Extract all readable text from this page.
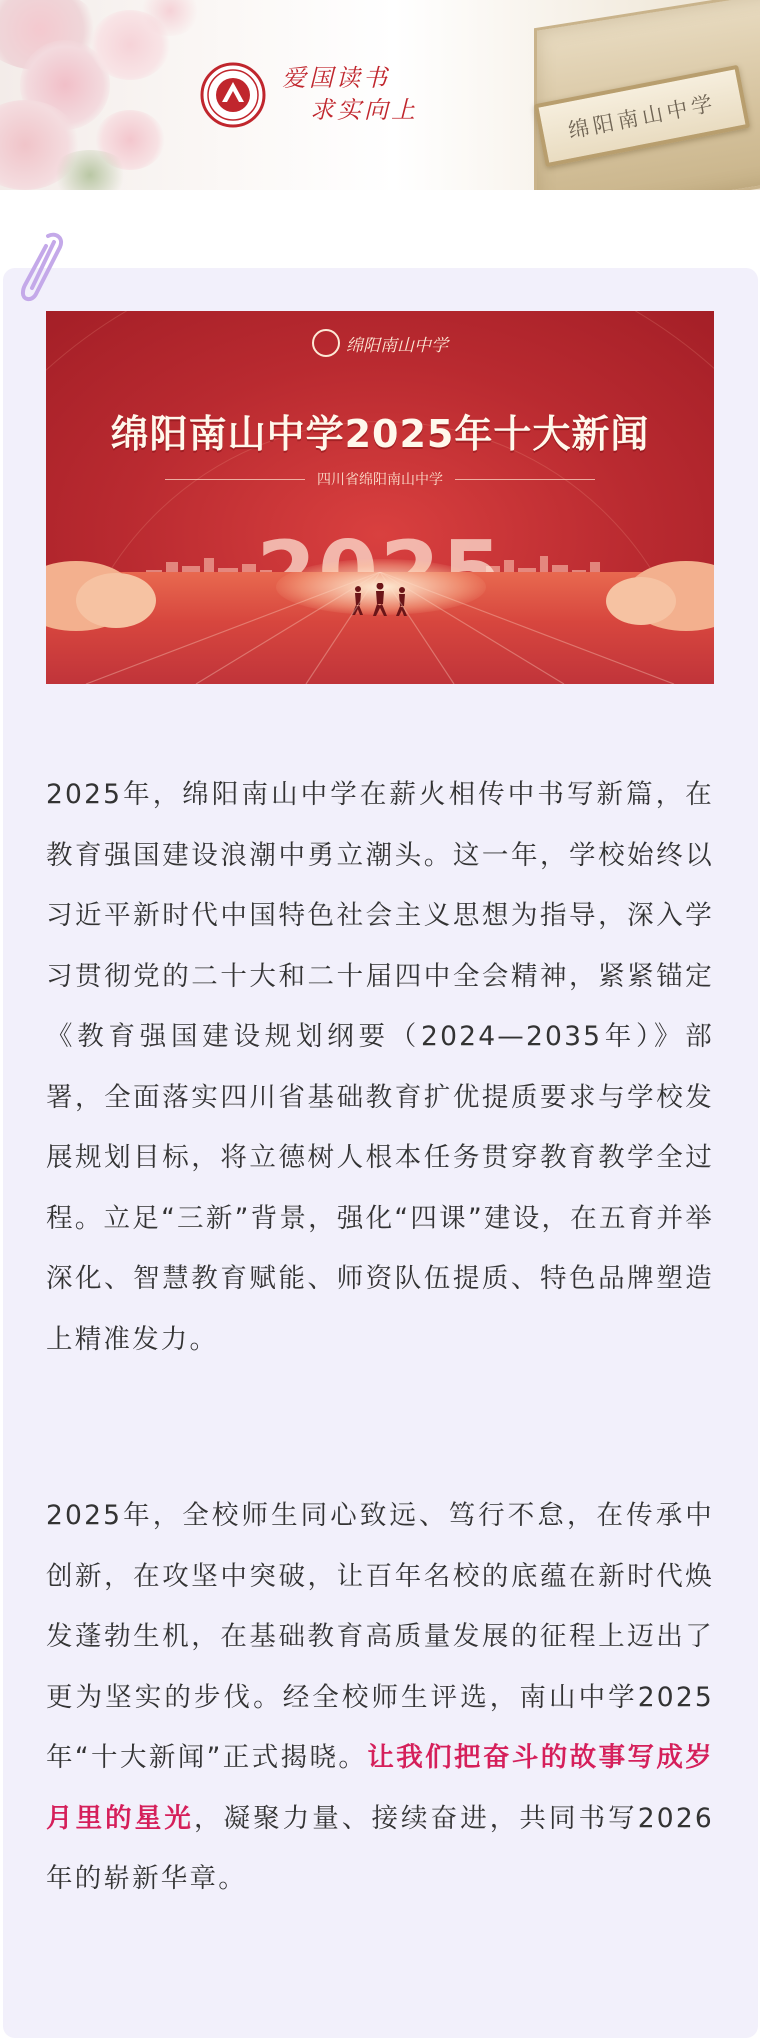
绵阳南山中学
爱国读书
求实向上
绵阳南山中学
绵阳南山中学2025年十大新闻
四川省绵阳南山中学
2025年，绵阳南山中学在薪火相传中书写新篇，在教育强国建设浪潮中勇立潮头。这一年，学校始终以习近平新时代中国特色社会主义思想为指导，深入学习贯彻党的二十大和二十届四中全会精神，紧紧锚定《教育强国建设规划纲要（2024—2035年）》部署，全面落实四川省基础教育扩优提质要求与学校发展规划目标，将立德树人根本任务贯穿教育教学全过程。立足“三新”背景，强化“四课”建设，在五育并举深化、智慧教育赋能、师资队伍提质、特色品牌塑造上精准发力。
2025年，全校师生同心致远、笃行不怠，在传承中创新，在攻坚中突破，让百年名校的底蕴在新时代焕发蓬勃生机，在基础教育高质量发展的征程上迈出了更为坚实的步伐。经全校师生评选，南山中学2025年“十大新闻”正式揭晓。让我们把奋斗的故事写成岁月里的星光，凝聚力量、接续奋进，共同书写2026年的崭新华章。
